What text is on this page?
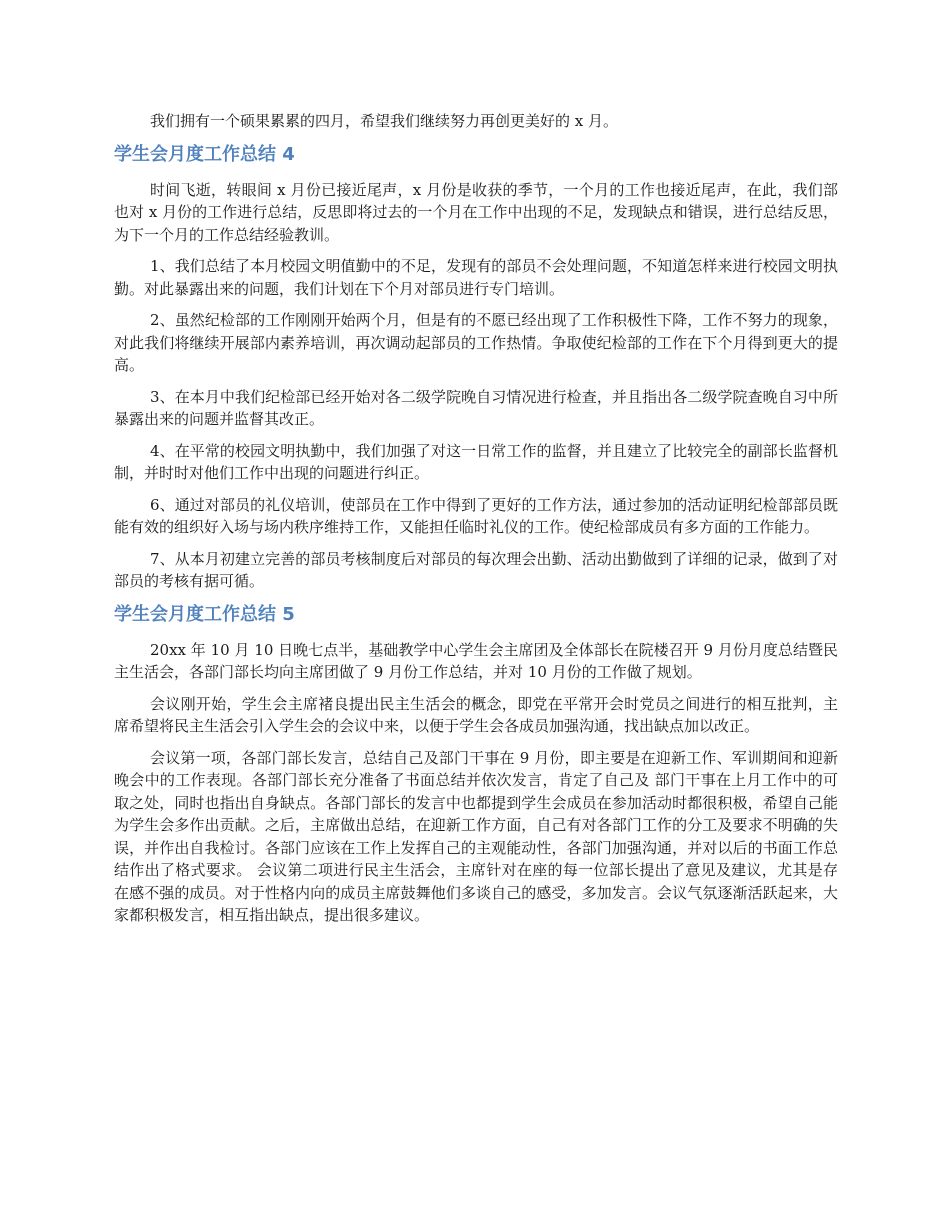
我们拥有一个硕果累累的四月，希望我们继续努力再创更美好的 x 月。

学生会月度工作总结 4

时间飞逝，转眼间 x 月份已接近尾声，x 月份是收获的季节，一个月的工作也接近尾声，在此，我们部也对 x 月份的工作进行总结，反思即将过去的一个月在工作中出现的不足，发现缺点和错误，进行总结反思，为下一个月的工作总结经验教训。

1、我们总结了本月校园文明值勤中的不足，发现有的部员不会处理问题，不知道怎样来进行校园文明执勤。对此暴露出来的问题，我们计划在下个月对部员进行专门培训。

2、虽然纪检部的工作刚刚开始两个月，但是有的不愿已经出现了工作积极性下降，工作不努力的现象，对此我们将继续开展部内素养培训，再次调动起部员的工作热情。争取使纪检部的工作在下个月得到更大的提高。

3、在本月中我们纪检部已经开始对各二级学院晚自习情况进行检查，并且指出各二级学院查晚自习中所暴露出来的问题并监督其改正。

4、在平常的校园文明执勤中，我们加强了对这一日常工作的监督，并且建立了比较完全的副部长监督机制，并时时对他们工作中出现的问题进行纠正。

6、通过对部员的礼仪培训，使部员在工作中得到了更好的工作方法，通过参加的活动证明纪检部部员既能有效的组织好入场与场内秩序维持工作，又能担任临时礼仪的工作。使纪检部成员有多方面的工作能力。

7、从本月初建立完善的部员考核制度后对部员的每次理会出勤、活动出勤做到了详细的记录，做到了对部员的考核有据可循。

学生会月度工作总结 5

20xx 年 10 月 10 日晚七点半，基础教学中心学生会主席团及全体部长在院楼召开 9 月份月度总结暨民主生活会，各部门部长均向主席团做了 9 月份工作总结，并对 10 月份的工作做了规划。

会议刚开始，学生会主席褚良提出民主生活会的概念，即党在平常开会时党员之间进行的相互批判，主席希望将民主生活会引入学生会的会议中来，以便于学生会各成员加强沟通，找出缺点加以改正。

会议第一项，各部门部长发言，总结自己及部门干事在 9 月份，即主要是在迎新工作、军训期间和迎新晚会中的工作表现。各部门部长充分准备了书面总结并依次发言，肯定了自己及 部门干事在上月工作中的可取之处，同时也指出自身缺点。各部门部长的发言中也都提到学生会成员在参加活动时都很积极，希望自己能为学生会多作出贡献。之后，主席做出总结，在迎新工作方面，自己有对各部门工作的分工及要求不明确的失误，并作出自我检讨。各部门应该在工作上发挥自己的主观能动性，各部门加强沟通，并对以后的书面工作总结作出了格式要求。 会议第二项进行民主生活会，主席针对在座的每一位部长提出了意见及建议，尤其是存在感不强的成员。对于性格内向的成员主席鼓舞他们多谈自己的感受，多加发言。会议气氛逐渐活跃起来，大家都积极发言，相互指出缺点，提出很多建议。
